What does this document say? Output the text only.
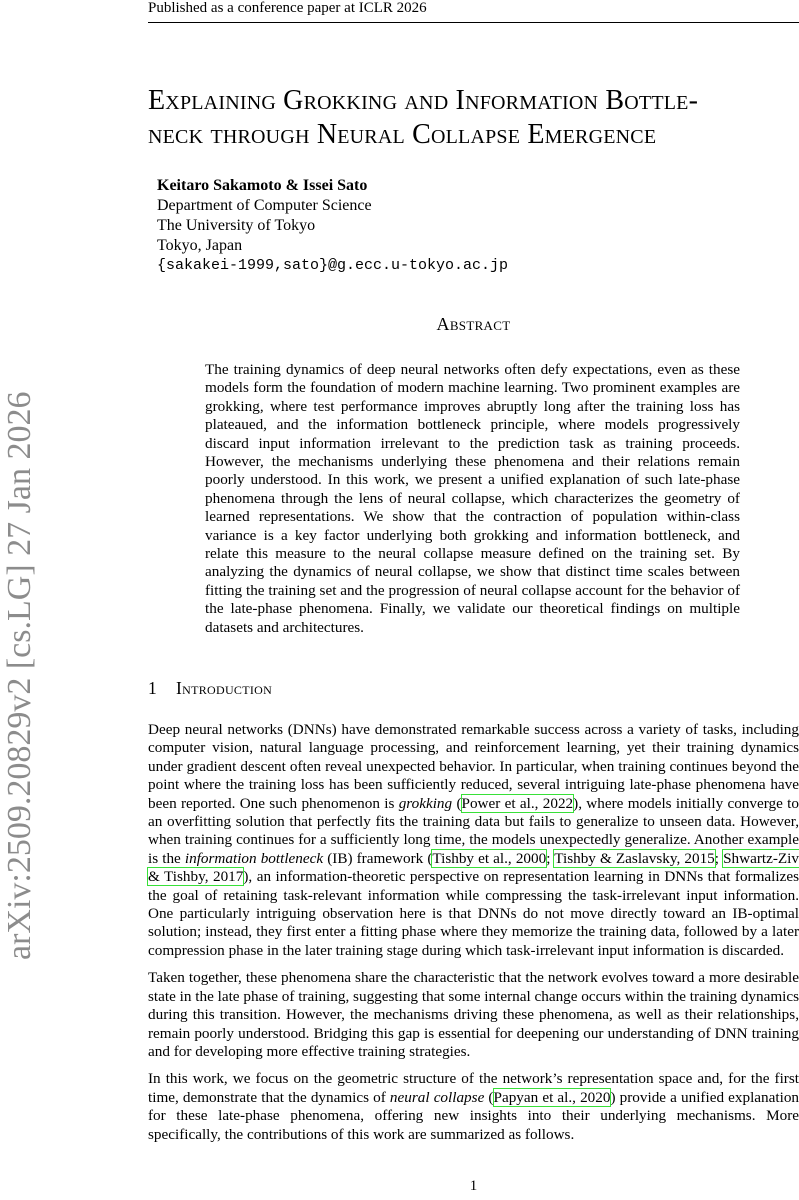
Published as a conference paper at ICLR 2026
arXiv:2509.20829v2 [cs.LG] 27 Jan 2026
Explaining Grokking and Information Bottle-
neck through Neural Collapse Emergence
Keitaro Sakamoto & Issei Sato
Department of Computer Science
The University of Tokyo
Tokyo, Japan
{sakakei-1999,sato}@g.ecc.u-tokyo.ac.jp
Abstract
The training dynamics of deep neural networks often defy expectations, even as these models form the foundation of modern machine learning. Two prominent examples are grokking, where test performance improves abruptly long after the training loss has plateaued, and the information bottleneck principle, where models progressively discard input information irrelevant to the prediction task as training proceeds. However, the mechanisms underlying these phenomena and their relations remain poorly understood. In this work, we present a unified explanation of such late-phase phenomena through the lens of neural collapse, which characterizes the geometry of learned representations. We show that the contraction of population within-class variance is a key factor underlying both grokking and information bottleneck, and relate this measure to the neural collapse measure defined on the training set. By analyzing the dynamics of neural collapse, we show that distinct time scales between fitting the training set and the progression of neural collapse account for the behavior of the late-phase phenomena. Finally, we validate our theoretical findings on multiple datasets and architectures.
1 Introduction

Deep neural networks (DNNs) have demonstrated remarkable success across a variety of tasks, including computer vision, natural language processing, and reinforcement learning, yet their training dynamics under gradient descent often reveal unexpected behavior. In particular, when training continues beyond the point where the training loss has been sufficiently reduced, several intriguing late-phase phenomena have been reported. One such phenomenon is grokking (Power et al., 2022), where models initially converge to an overfitting solution that perfectly fits the training data but fails to generalize to unseen data. However, when training continues for a sufficiently long time, the models unexpectedly generalize. Another example is the information bottleneck (IB) framework (Tishby et al., 2000; Tishby & Zaslavsky, 2015; Shwartz-Ziv & Tishby, 2017), an information-theoretic perspective on representation learning in DNNs that formalizes the goal of retaining task-relevant information while compressing the task-irrelevant input information. One particularly intriguing observation here is that DNNs do not move directly toward an IB-optimal solution; instead, they first enter a fitting phase where they memorize the training data, followed by a later compression phase in the later training stage during which task-irrelevant input information is discarded.

Taken together, these phenomena share the characteristic that the network evolves toward a more desirable state in the late phase of training, suggesting that some internal change occurs within the training dynamics during this transition. However, the mechanisms driving these phenomena, as well as their relationships, remain poorly understood. Bridging this gap is essential for deepening our understanding of DNN training and for developing more effective training strategies.

In this work, we focus on the geometric structure of the network’s representation space and, for the first time, demonstrate that the dynamics of neural collapse (Papyan et al., 2020) provide a unified explanation for these late-phase phenomena, offering new insights into their underlying mechanisms. More specifically, the contributions of this work are summarized as follows.

1
